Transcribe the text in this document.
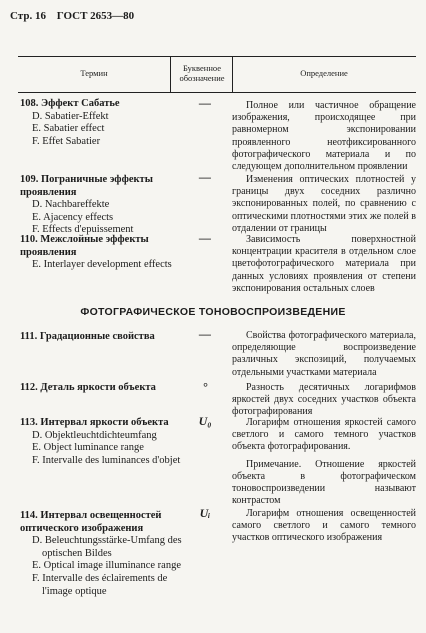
Стр. 16 ГОСТ 2653—80
Термин	Буквенное обозначение	Определение
108. Эффект Сабатье
D. Sabatier-Effekt
E. Sabatier effect
F. Effet Sabatier
—	Полное или частичное обращение изображения, происходящее при равномерном экспонировании проявленного неотфиксированного фотографического материала и по следующем дополнительном проявлении

109. Пограничные эффекты проявления
D. Nachbareffekte
E. Ajacency effects
F. Effects d'epuissement
—	Изменения оптических плотностей у границы двух соседних различно экспонированных полей, по сравнению с оптическими плотностями этих же полей в отдалении от границы

110. Межслойные эффекты проявления
E. Interlayer development effects
—	Зависимость поверхностной концентрации красителя в отдельном слое цветофотографического материала при данных условиях проявления от степени экспонирования остальных слоев

ФОТОГРАФИЧЕСКОЕ ТОНОВОСПРОИЗВЕДЕНИЕ
111. Градационные свойства	—	Свойства фотографического материала, определяющие воспроизведение различных экспозиций, получаемых отдельными участками материала

112. Деталь яркости объекта	°	Разность десятичных логарифмов яркостей двух соседних участков объекта фотографирования

113. Интервал яркости объекта
D. Objektleuchtdichteumfang
E. Object luminance range
F. Intervalle des luminances d'objet
U₀	Логарифм отношения яркостей самого светлого и самого темного участков объекта фотографирования.

Примечание. Отношение яркостей объекта в фотографическом тоновоспроизведении называют контрастом

114. Интервал освещенностей оптического изображения
D. Beleuchtungsstärke-Umfang des optischen Bildes
E. Optical image illuminance range
F. Intervalle des éclairements de l'image optique
Uᵢ	Логарифм отношения освещенностей самого светлого и самого темного участков оптического изображения
